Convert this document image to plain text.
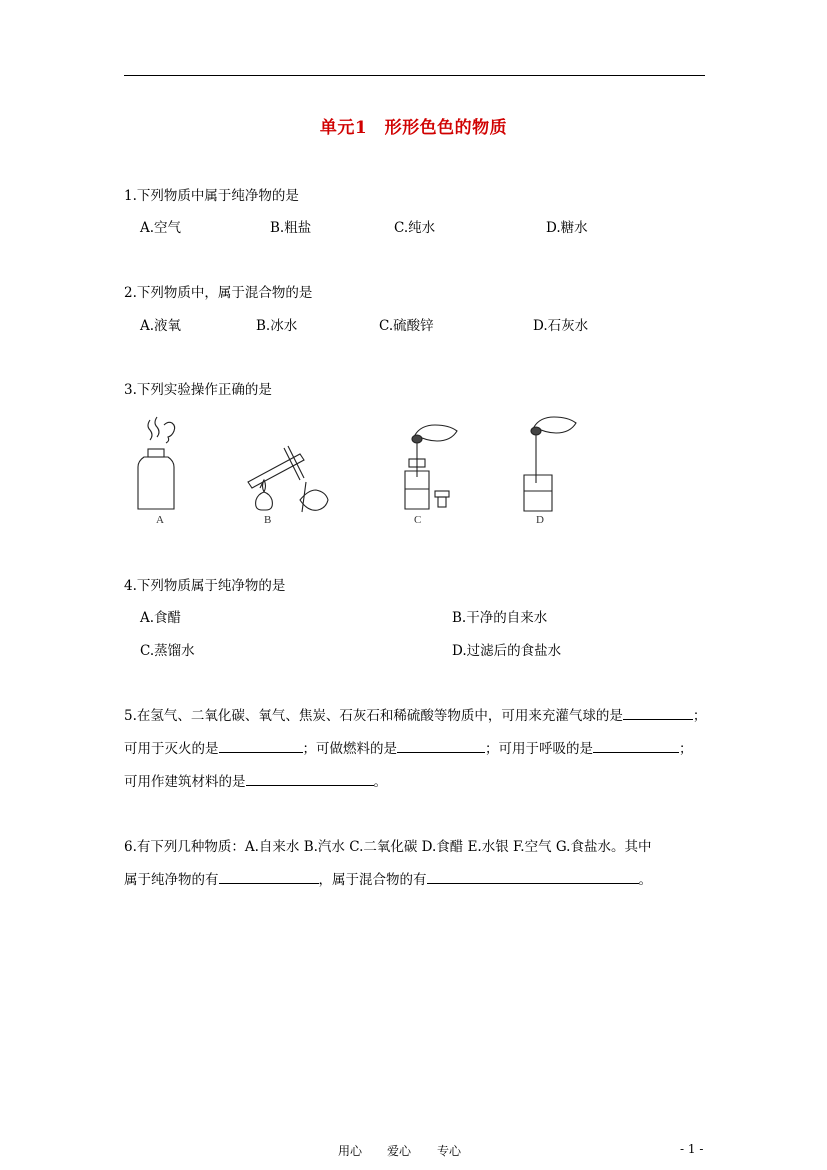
单元1　形形色色的物质
1.下列物质中属于纯净物的是
A.空气	B.粗盐	C.纯水	D.糖水
2.下列物质中，属于混合物的是
A.液氧	B.冰水	C.硫酸锌	D.石灰水
3.下列实验操作正确的是
A	B	C	D
4.下列物质属于纯净物的是
A.食醋	B.干净的自来水
C.蒸馏水	D.过滤后的食盐水
5.在氢气、二氧化碳、氧气、焦炭、石灰石和稀硫酸等物质中，可用来充灌气球的是	；
可用于灭火的是	；可做燃料的是	；可用于呼吸的是	；
可用作建筑材料的是	。
6.有下列几种物质：A.自来水 B.汽水 C.二氧化碳 D.食醋 E.水银 F.空气 G.食盐水。其中
属于纯净物的有	，属于混合物的有	。
用心 爱心 专心	- 1 -
